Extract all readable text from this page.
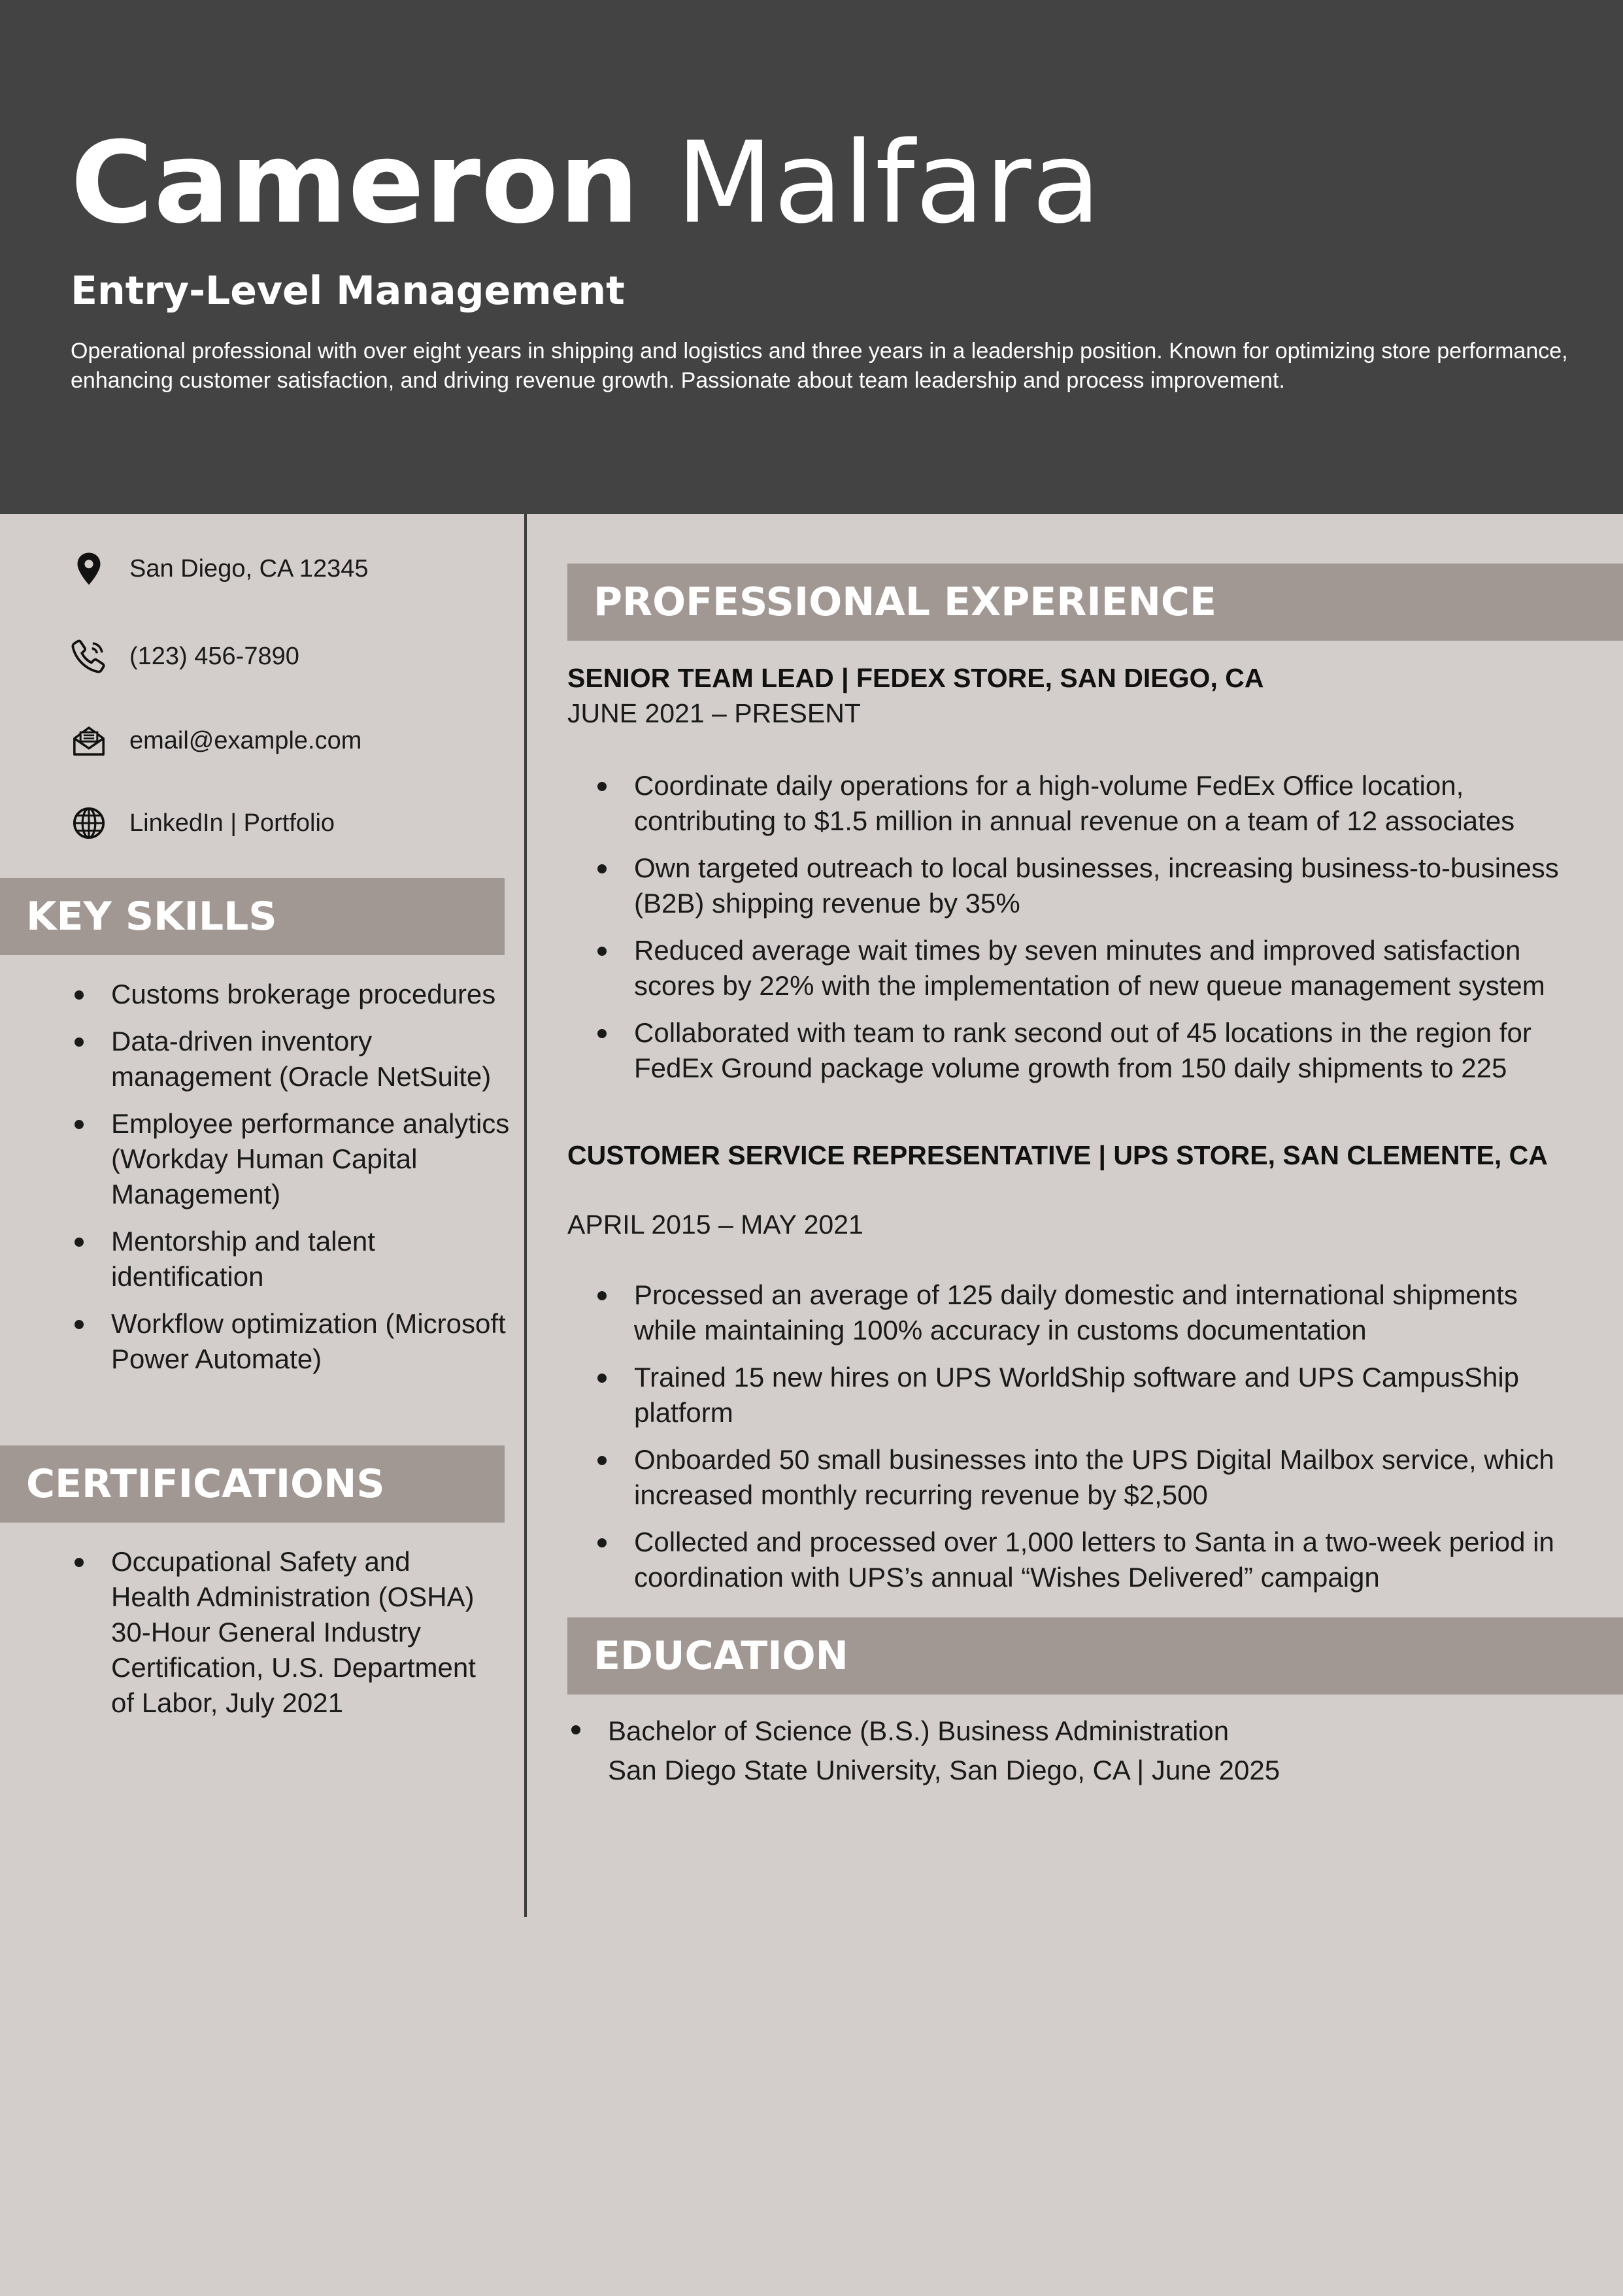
Cameron Malfara
Entry-Level Management
Operational professional with over eight years in shipping and logistics and three years in a leadership position. Known for optimizing store performance, enhancing customer satisfaction, and driving revenue growth. Passionate about team leadership and process improvement.
San Diego, CA 12345
(123) 456-7890
email@example.com
LinkedIn | Portfolio
KEY SKILLS
Customs brokerage procedures
Data-driven inventory management (Oracle NetSuite)
Employee performance analytics (Workday Human Capital Management)
Mentorship and talent identification
Workflow optimization (Microsoft Power Automate)
CERTIFICATIONS
Occupational Safety and Health Administration (OSHA) 30-Hour General Industry Certification, U.S. Department of Labor, July 2021
PROFESSIONAL EXPERIENCE
SENIOR TEAM LEAD | FEDEX STORE, SAN DIEGO, CA
JUNE 2021 – PRESENT
Coordinate daily operations for a high-volume FedEx Office location, contributing to $1.5 million in annual revenue on a team of 12 associates
Own targeted outreach to local businesses, increasing business-to-business (B2B) shipping revenue by 35%
Reduced average wait times by seven minutes and improved satisfaction scores by 22% with the implementation of new queue management system
Collaborated with team to rank second out of 45 locations in the region for FedEx Ground package volume growth from 150 daily shipments to 225
CUSTOMER SERVICE REPRESENTATIVE | UPS STORE, SAN CLEMENTE, CA
APRIL 2015 – MAY 2021
Processed an average of 125 daily domestic and international shipments while maintaining 100% accuracy in customs documentation
Trained 15 new hires on UPS WorldShip software and UPS CampusShip platform
Onboarded 50 small businesses into the UPS Digital Mailbox service, which increased monthly recurring revenue by $2,500
Collected and processed over 1,000 letters to Santa in a two-week period in coordination with UPS’s annual “Wishes Delivered” campaign
EDUCATION
Bachelor of Science (B.S.) Business Administration
San Diego State University, San Diego, CA | June 2025
